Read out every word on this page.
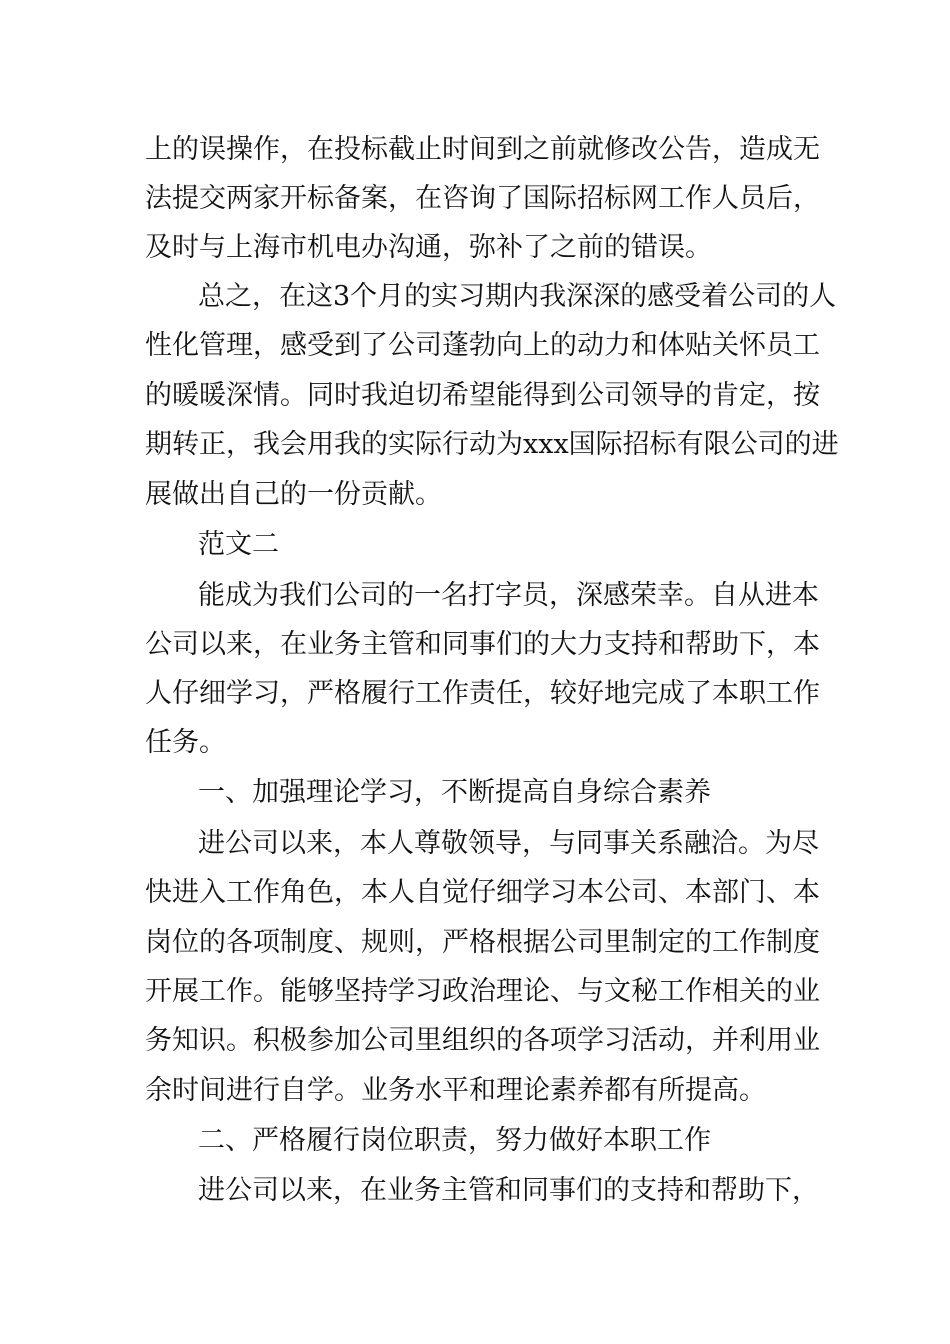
上的误操作，在投标截止时间到之前就修改公告，造成无
法提交两家开标备案，在咨询了国际招标网工作人员后，
及时与上海市机电办沟通，弥补了之前的错误。
总之，在这3个月的实习期内我深深的感受着公司的人
性化管理，感受到了公司蓬勃向上的动力和体贴关怀员工
的暖暖深情。同时我迫切希望能得到公司领导的肯定，按
期转正，我会用我的实际行动为xxx国际招标有限公司的进
展做出自己的一份贡献。
范文二
能成为我们公司的一名打字员，深感荣幸。自从进本
公司以来，在业务主管和同事们的大力支持和帮助下，本
人仔细学习，严格履行工作责任，较好地完成了本职工作
任务。
一、加强理论学习，不断提高自身综合素养
进公司以来，本人尊敬领导，与同事关系融洽。为尽
快进入工作角色，本人自觉仔细学习本公司、本部门、本
岗位的各项制度、规则，严格根据公司里制定的工作制度
开展工作。能够坚持学习政治理论、与文秘工作相关的业
务知识。积极参加公司里组织的各项学习活动，并利用业
余时间进行自学。业务水平和理论素养都有所提高。
二、严格履行岗位职责，努力做好本职工作
进公司以来，在业务主管和同事们的支持和帮助下，
